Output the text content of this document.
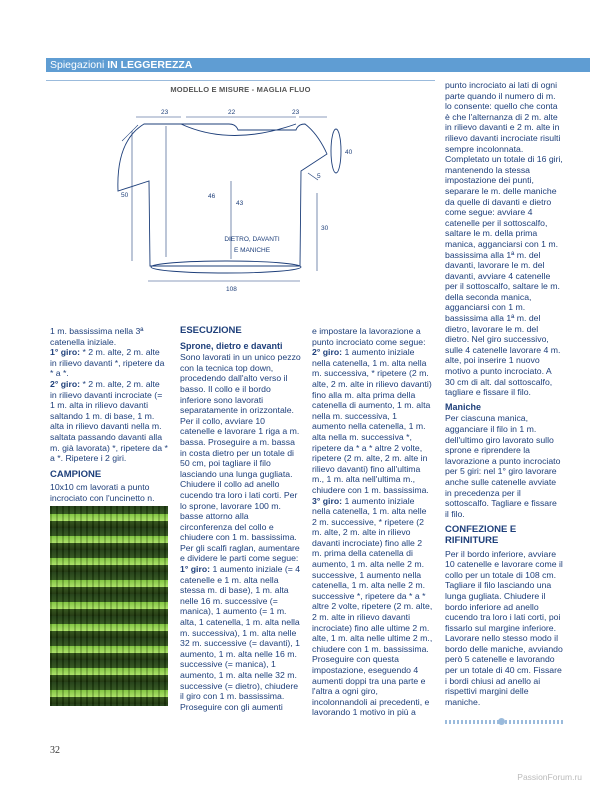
Spiegazioni IN LEGGEREZZA
23	22	23
40
50	46
43
5
30
108
DIETRO, DAVANTI
E MANICHE
MODELLO E MISURE - MAGLIA FLUO

1 m. bassissima nella 3ª catenella iniziale.

1° giro: * 2 m. alte, 2 m. alte in rilievo davanti *, ripetere da * a *.

2° giro: * 2 m. alte, 2 m. alte in rilievo davanti incrociate (= 1 m. alta in rilievo davanti saltando 1 m. di base, 1 m. alta in rilievo davanti nella m. saltata passando davanti alla m. già lavorata) *, ripetere da * a *. Ripetere i 2 giri.

CAMPIONE

10x10 cm lavorati a punto incrociato con l'uncinetto n.

ESECUZIONE
Sprone, dietro e davanti

Sono lavorati in un unico pezzo con la tecnica top down, procedendo dall'alto verso il basso. Il collo e il bordo inferiore sono lavorati separatamente in orizzontale.

Per il collo, avviare 10 catenelle e lavorare 1 riga a m. bassa. Proseguire a m. bassa in costa dietro per un totale di 50 cm, poi tagliare il filo lasciando una lunga gugliata. Chiudere il collo ad anello cucendo tra loro i lati corti. Per lo sprone, lavorare 100 m. basse attorno alla circonferenza del collo e chiudere con 1 m. bassissima. Per gli scalfi raglan, aumentare e dividere le parti come segue:

1° giro: 1 aumento iniziale (= 4 catenelle e 1 m. alta nella stessa m. di base), 1 m. alta nelle 16 m. successive (= manica), 1 aumento (= 1 m. alta, 1 catenella, 1 m. alta nella m. successiva), 1 m. alta nelle 32 m. successive (= davanti), 1 aumento, 1 m. alta nelle 16 m. successive (= manica), 1 aumento, 1 m. alta nelle 32 m. successive (= dietro), chiudere il giro con 1 m. bassissima.

Proseguire con gli aumenti

e impostare la lavorazione a punto incrociato come segue:

2° giro: 1 aumento iniziale nella catenella, 1 m. alta nella m. successiva, * ripetere (2 m. alte, 2 m. alte in rilievo davanti) fino alla m. alta prima della catenella di aumento, 1 m. alta nella m. successiva, 1 aumento nella catenella, 1 m. alta nella m. successiva *, ripetere da * a * altre 2 volte, ripetere (2 m. alte, 2 m. alte in rilievo davanti) fino all'ultima m., 1 m. alta nell'ultima m., chiudere con 1 m. bassissima.

3° giro: 1 aumento iniziale nella catenella, 1 m. alta nelle 2 m. successive, * ripetere (2 m. alte, 2 m. alte in rilievo davanti incrociate) fino alle 2 m. prima della catenella di aumento, 1 m. alta nelle 2 m. successive, 1 aumento nella catenella, 1 m. alta nelle 2 m. successive *, ripetere da * a * altre 2 volte, ripetere (2 m. alte, 2 m. alte in rilievo davanti incrociate) fino alle ultime 2 m. alte, 1 m. alta nelle ultime 2 m., chiudere con 1 m. bassissima.

Proseguire con questa impostazione, eseguendo 4 aumenti doppi tra una parte e l'altra a ogni giro, incolonnandoli ai precedenti, e lavorando 1 motivo in più a

punto incrociato ai lati di ogni parte quando il numero di m. lo consente: quello che conta è che l'alternanza di 2 m. alte in rilievo davanti e 2 m. alte in rilievo davanti incrociate risulti sempre incolonnata. Completato un totale di 16 giri, mantenendo la stessa impostazione dei punti, separare le m. delle maniche da quelle di davanti e dietro come segue: avviare 4 catenelle per il sottoscalfo, saltare le m. della prima manica, agganciarsi con 1 m. bassissima alla 1ª m. del davanti, lavorare le m. del davanti, avviare 4 catenelle per il sottoscalfo, saltare le m. della seconda manica, agganciarsi con 1 m. bassissima alla 1ª m. del dietro, lavorare le m. del dietro. Nel giro successivo, sulle 4 catenelle lavorare 4 m. alte, poi inserire 1 nuovo motivo a punto incrociato. A 30 cm di alt. dal sottoscalfo, tagliare e fissare il filo.

Maniche

Per ciascuna manica, agganciare il filo in 1 m. dell'ultimo giro lavorato sullo sprone e riprendere la lavorazione a punto incrociato per 5 giri: nel 1° giro lavorare anche sulle catenelle avviate in precedenza per il sottoscalfo. Tagliare e fissare il filo.

CONFEZIONE E RIFINITURE

Per il bordo inferiore, avviare 10 catenelle e lavorare come il collo per un totale di 108 cm. Tagliare il filo lasciando una lunga gugliata. Chiudere il bordo inferiore ad anello cucendo tra loro i lati corti, poi fissarlo sul margine inferiore. Lavorare nello stesso modo il bordo delle maniche, avviando però 5 catenelle e lavorando per un totale di 40 cm. Fissare i bordi chiusi ad anello ai rispettivi margini delle maniche.

32
PassionForum.ru
